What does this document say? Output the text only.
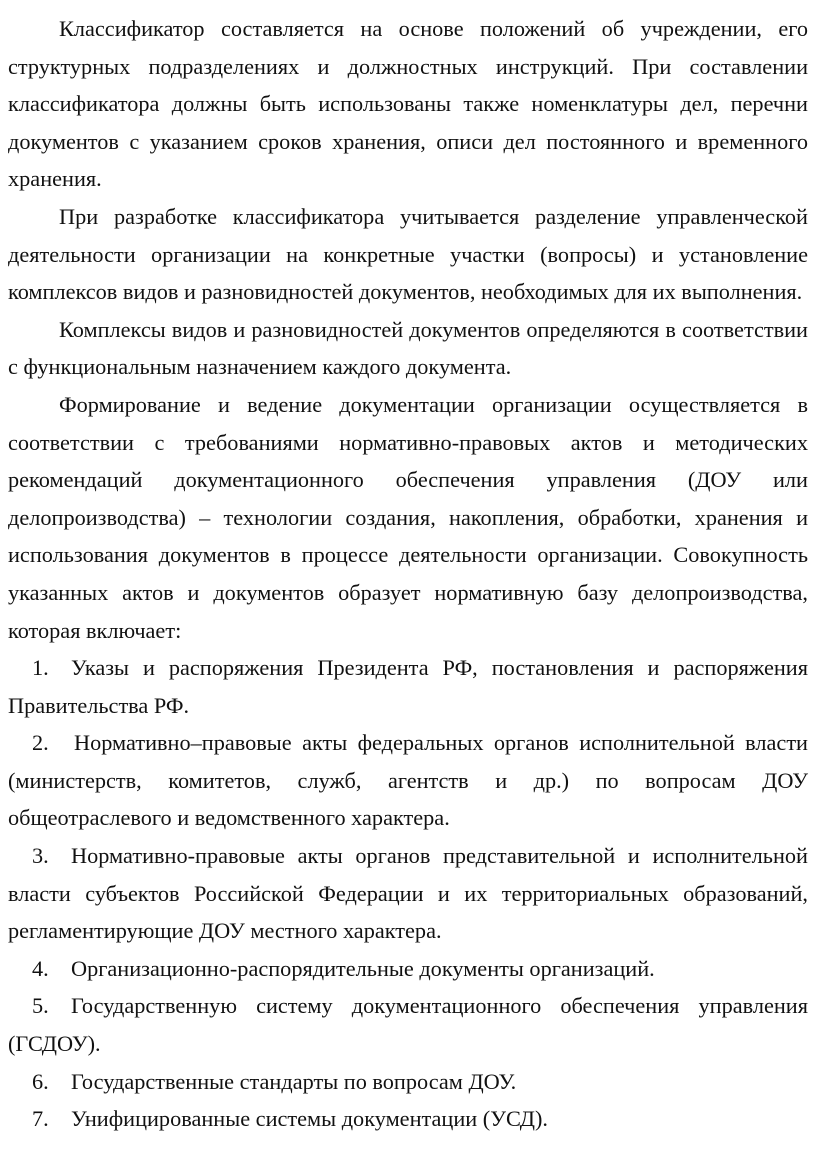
Классификатор составляется на основе положений об учреждении, его структурных подразделениях и должностных инструкций. При составлении классификатора должны быть использованы также номенклатуры дел, перечни документов с указанием сроков хранения, описи дел постоянного и временного хранения.

При разработке классификатора учитывается разделение управленческой деятельности организации на конкретные участки (вопросы) и установление комплексов видов и разновидностей документов, необходимых для их выполнения.

Комплексы видов и разновидностей документов определяются в соответствии с функциональным назначением каждого документа.

Формирование и ведение документации организации осуществляется в соответствии с требованиями нормативно-правовых актов и методических рекомендаций документационного обеспечения управления (ДОУ или делопроизводства) – технологии создания, накопления, обработки, хранения и использования документов в процессе деятельности организации. Совокупность указанных актов и документов образует нормативную базу делопроизводства, которая включает:

1. Указы и распоряжения Президента РФ, постановления и распоряжения Правительства РФ.

2. Нормативно–правовые акты федеральных органов исполнительной власти (министерств, комитетов, служб, агентств и др.) по вопросам ДОУ общеотраслевого и ведомственного характера.

3. Нормативно-правовые акты органов представительной и исполнительной власти субъектов Российской Федерации и их территориальных образований, регламентирующие ДОУ местного характера.

4. Организационно-распорядительные документы организаций.

5. Государственную систему документационного обеспечения управления (ГСДОУ).

6. Государственные стандарты по вопросам ДОУ.

7. Унифицированные системы документации (УСД).
